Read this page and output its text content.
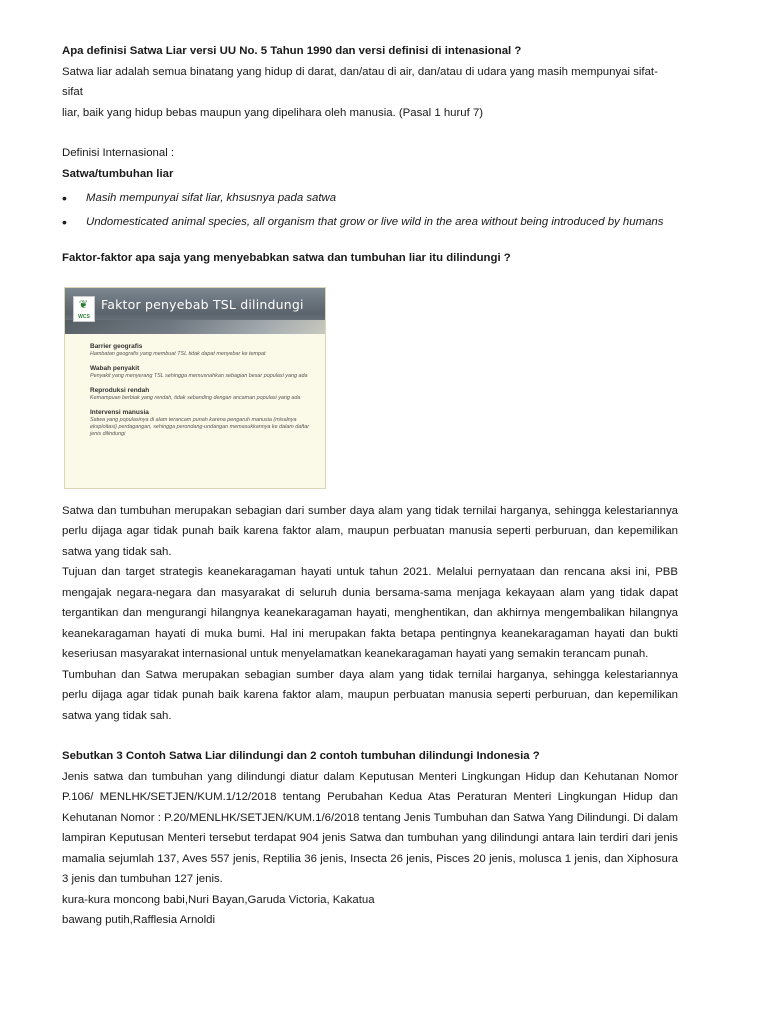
Apa definisi Satwa Liar versi UU No. 5 Tahun 1990 dan versi definisi di intenasional ?

Satwa liar adalah semua binatang yang hidup di darat, dan/atau di air, dan/atau di udara yang masih mempunyai sifat-sifat

liar, baik yang hidup bebas maupun yang dipelihara oleh manusia. (Pasal 1 huruf 7)

Definisi Internasional :

Satwa/tumbuhan liar

• Masih mempunyai sifat liar, khsusnya pada satwa
• Undomesticated animal species, all organism that grow or live wild in the area without being introduced by humans

Faktor-faktor apa saja yang menyebabkan satwa dan tumbuhan liar itu dilindungi ?

❦
WCS
Faktor penyebab TSL dilindungi
Barrier geografis
Hambatan geografis yang membuat TSL tidak dapat menyebar ke tempat
Wabah penyakit
Penyakit yang menyerang TSL sehingga memusnahkan sebagian besar populasi yang ada
Reproduksi rendah
Kemampuan berbiak yang rendah, tidak sebanding dengan ancaman populasi yang ada
Intervensi manusia
Satwa yang populasinya di alam terancam punah karena pengaruh manusia (misalnya eksploitasi) perdagangan, sehingga perondang-undangan memasukkannya ke dalam daftar jenis dilindungi

Satwa dan tumbuhan merupakan sebagian dari sumber daya alam yang tidak ternilai harganya, sehingga kelestariannya perlu dijaga agar tidak punah baik karena faktor alam, maupun perbuatan manusia seperti perburuan, dan kepemilikan satwa yang tidak sah.

Tujuan dan target strategis keanekaragaman hayati untuk tahun 2021. Melalui pernyataan dan rencana aksi ini, PBB mengajak negara-negara dan masyarakat di seluruh dunia bersama-sama menjaga kekayaan alam yang tidak dapat tergantikan dan mengurangi hilangnya keanekaragaman hayati, menghentikan, dan akhirnya mengembalikan hilangnya keanekaragaman hayati di muka bumi. Hal ini merupakan fakta betapa pentingnya keanekaragaman hayati dan bukti keseriusan masyarakat internasional untuk menyelamatkan keanekaragaman hayati yang semakin terancam punah.

Tumbuhan dan Satwa merupakan sebagian sumber daya alam yang tidak ternilai harganya, sehingga kelestariannya perlu dijaga agar tidak punah baik karena faktor alam, maupun perbuatan manusia seperti perburuan, dan kepemilikan satwa yang tidak sah.

Sebutkan 3 Contoh Satwa Liar dilindungi dan 2 contoh tumbuhan dilindungi Indonesia ?

Jenis satwa dan tumbuhan yang dilindungi diatur dalam Keputusan Menteri Lingkungan Hidup dan Kehutanan Nomor P.106/ MENLHK/SETJEN/KUM.1/12/2018 tentang Perubahan Kedua Atas Peraturan Menteri Lingkungan Hidup dan Kehutanan Nomor : P.20/MENLHK/SETJEN/KUM.1/6/2018 tentang Jenis Tumbuhan dan Satwa Yang Dilindungi. Di dalam lampiran Keputusan Menteri tersebut terdapat 904 jenis Satwa dan tumbuhan yang dilindungi antara lain terdiri dari jenis mamalia sejumlah 137, Aves 557 jenis, Reptilia 36 jenis, Insecta 26 jenis, Pisces 20 jenis, molusca 1 jenis, dan Xiphosura 3 jenis dan tumbuhan 127 jenis.

kura-kura moncong babi,Nuri Bayan,Garuda Victoria, Kakatua

bawang putih,Rafflesia Arnoldi
